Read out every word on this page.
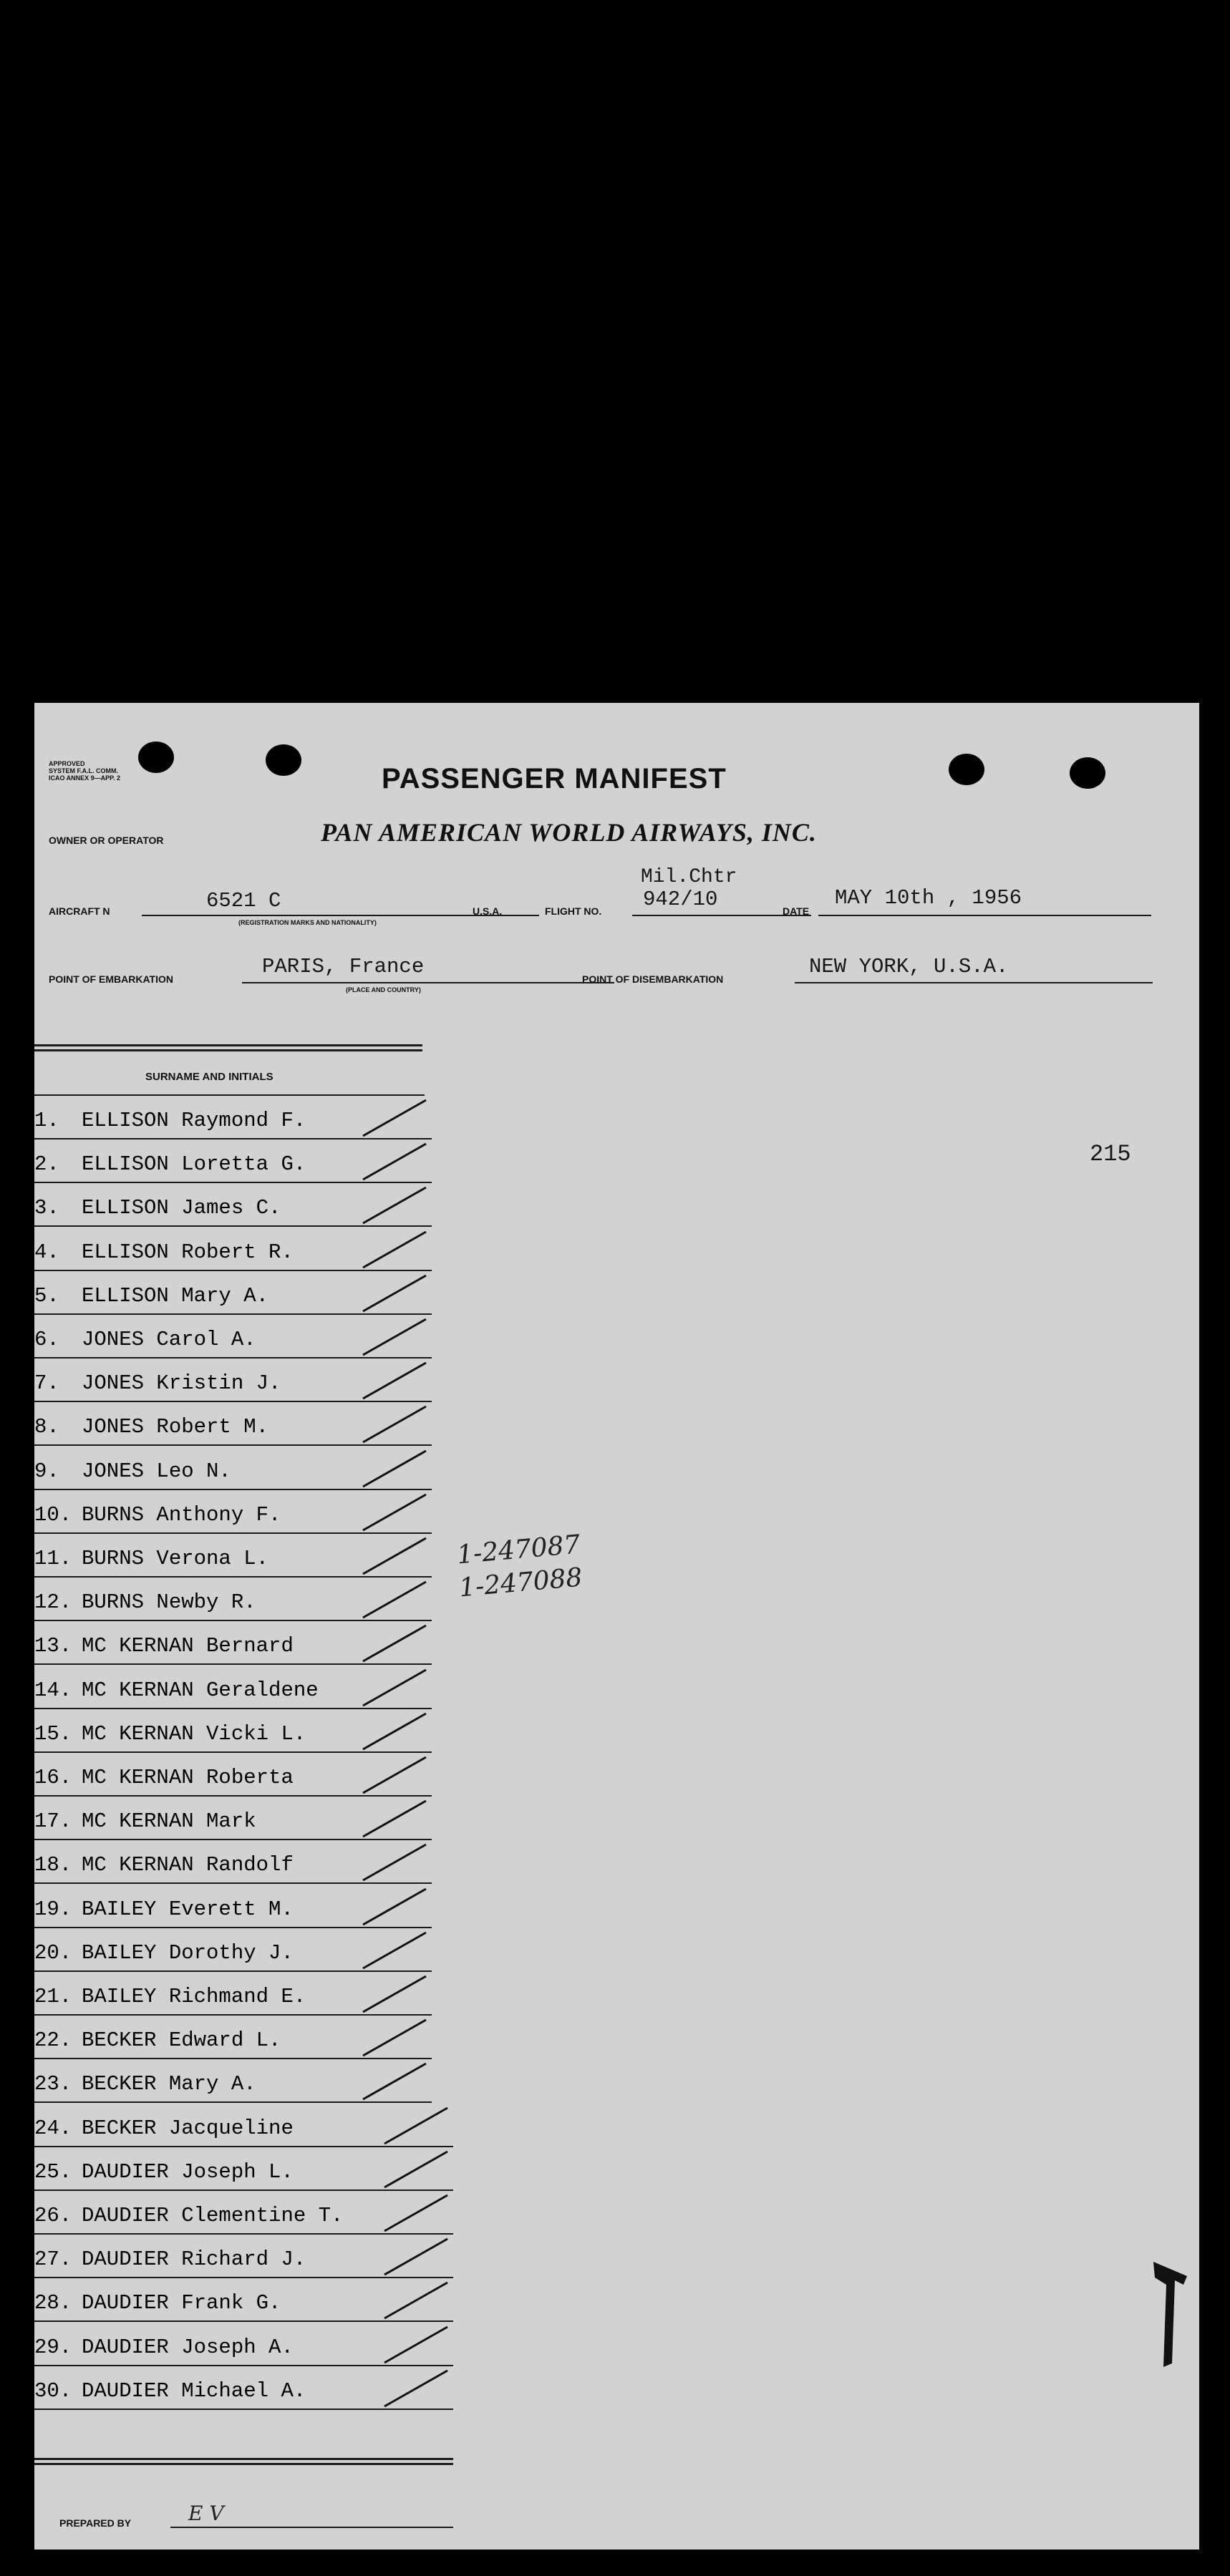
APPROVED
SYSTEM F.A.L. COMM.
ICAO ANNEX 9—APP. 2	PASSENGER MANIFEST
OWNER OR OPERATOR	PAN AMERICAN WORLD AIRWAYS, INC.
AIRCRAFT N	6521 C
(REGISTRATION MARKS AND NATIONALITY)
U.S.A.	FLIGHT NO.
Mil.Chtr
942/10	DATE
MAY 10th , 1956
POINT OF EMBARKATION
PARIS, France
(PLACE AND COUNTRY)
POINT OF DISEMBARKATION
NEW YORK, U.S.A.
SURNAME AND INITIALS
1. ELLISON Raymond F.
2. ELLISON Loretta G.
3. ELLISON James C.
4. ELLISON Robert R.
5. ELLISON Mary A.
6. JONES Carol A.
7. JONES Kristin J.
8. JONES Robert M.
9. JONES Leo N.
10. BURNS Anthony F.
11. BURNS Verona L.
12. BURNS Newby R.
13. MC KERNAN Bernard
14. MC KERNAN Geraldene
15. MC KERNAN Vicki L.
16. MC KERNAN Roberta
17. MC KERNAN Mark
18. MC KERNAN Randolf
19. BAILEY Everett M.
20. BAILEY Dorothy J.
21. BAILEY Richmand E.
22. BECKER Edward L.
23. BECKER Mary A.
24. BECKER Jacqueline
25. DAUDIER Joseph L.
26. DAUDIER Clementine T.
27. DAUDIER Richard J.
28. DAUDIER Frank G.
29. DAUDIER Joseph A.
30. DAUDIER Michael A.
215
1-247087
1-247088
PREPARED BY	E V
